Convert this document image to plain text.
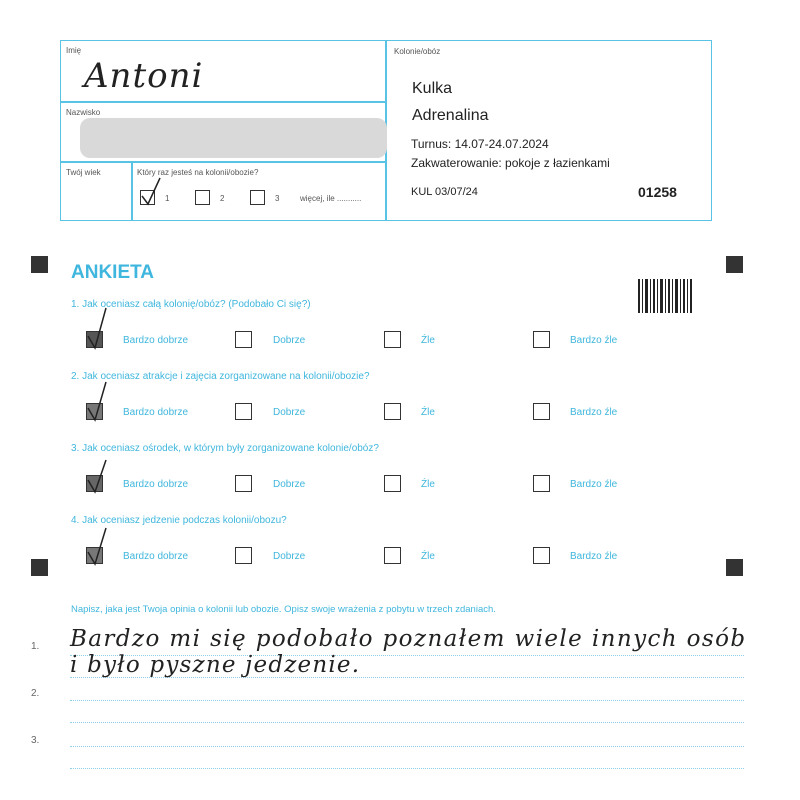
Imię
Antoni
Nazwisko
Twój wiek	Który raz jesteś na kolonii/obozie?
1	2	3	więcej, ile ...........
Kolonie/obóz
Kulka
Adrenalina
Turnus: 14.07-24.07.2024
Zakwaterowanie: pokoje z łazienkami
KUL 03/07/24	01258
ANKIETA
1. Jak oceniasz całą kolonię/obóz? (Podobało Ci się?)
Bardzo dobrze	Dobrze	Źle	Bardzo źle
2. Jak oceniasz atrakcje i zajęcia zorganizowane na kolonii/obozie?
Bardzo dobrze	Dobrze	Źle	Bardzo źle
3. Jak oceniasz ośrodek, w którym były zorganizowane kolonie/obóz?
Bardzo dobrze	Dobrze	Źle	Bardzo źle
4. Jak oceniasz jedzenie podczas kolonii/obozu?
Bardzo dobrze	Dobrze	Źle	Bardzo źle
Napisz, jaka jest Twoja opinia o kolonii lub obozie. Opisz swoje wrażenia z pobytu w trzech zdaniach.
1.
2.
3.
Bardzo mi się podobało poznałem wiele innych osób
i było pyszne jedzenie.
